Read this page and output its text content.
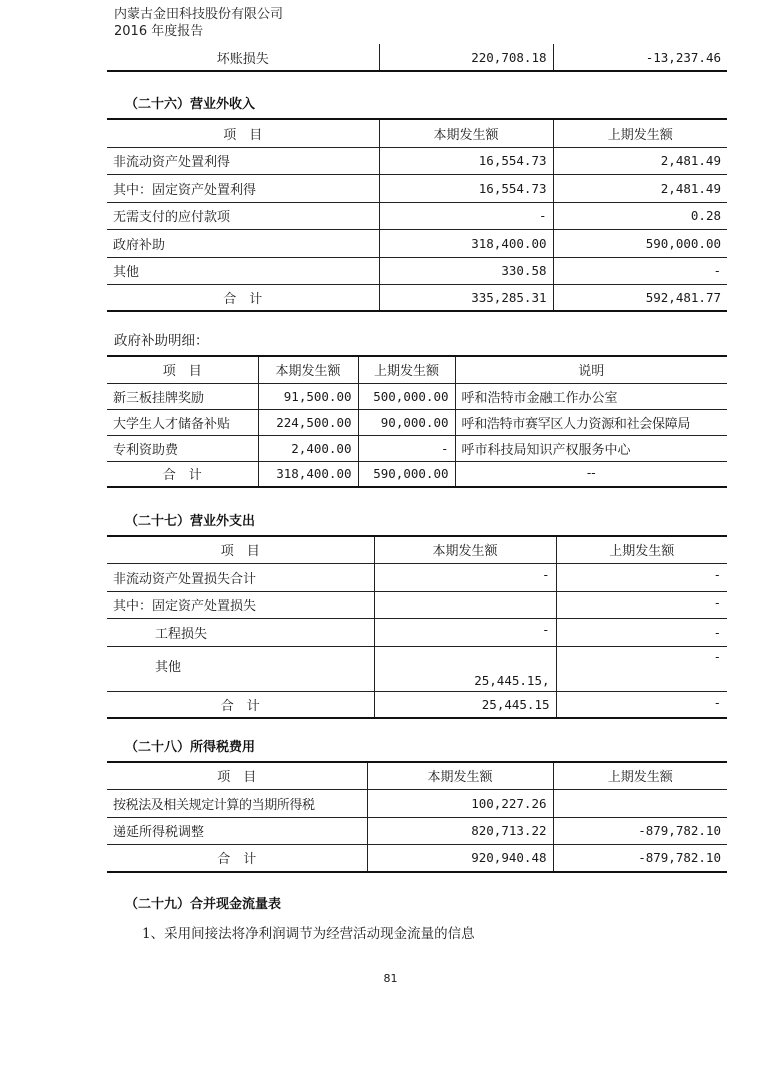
内蒙古金田科技股份有限公司
2016 年度报告
坏账损失	220,708.18	-13,237.46
（二十六）营业外收入
项　目	本期发生额	上期发生额
非流动资产处置利得	16,554.73	2,481.49
其中：固定资产处置利得	16,554.73	2,481.49
无需支付的应付款项	-	0.28
政府补助	318,400.00	590,000.00
其他	330.58	-
合　计	335,285.31	592,481.77
政府补助明细：
项　目	本期发生额	上期发生额	说明
新三板挂牌奖励	91,500.00	500,000.00	呼和浩特市金融工作办公室
大学生人才储备补贴	224,500.00	90,000.00	呼和浩特市赛罕区人力资源和社会保障局
专利资助费	2,400.00	-	呼市科技局知识产权服务中心
合　计	318,400.00	590,000.00	--
（二十七）营业外支出
项　目	本期发生额	上期发生额
非流动资产处置损失合计	-	-
其中：固定资产处置损失		-
工程损失	-	-
其他	25,445.15,	-
合　计	25,445.15	-
（二十八）所得税费用
项　目	本期发生额	上期发生额
按税法及相关规定计算的当期所得税	100,227.26	
递延所得税调整	820,713.22	-879,782.10
合　计	920,940.48	-879,782.10
（二十九）合并现金流量表
1、采用间接法将净利润调节为经营活动现金流量的信息
81
